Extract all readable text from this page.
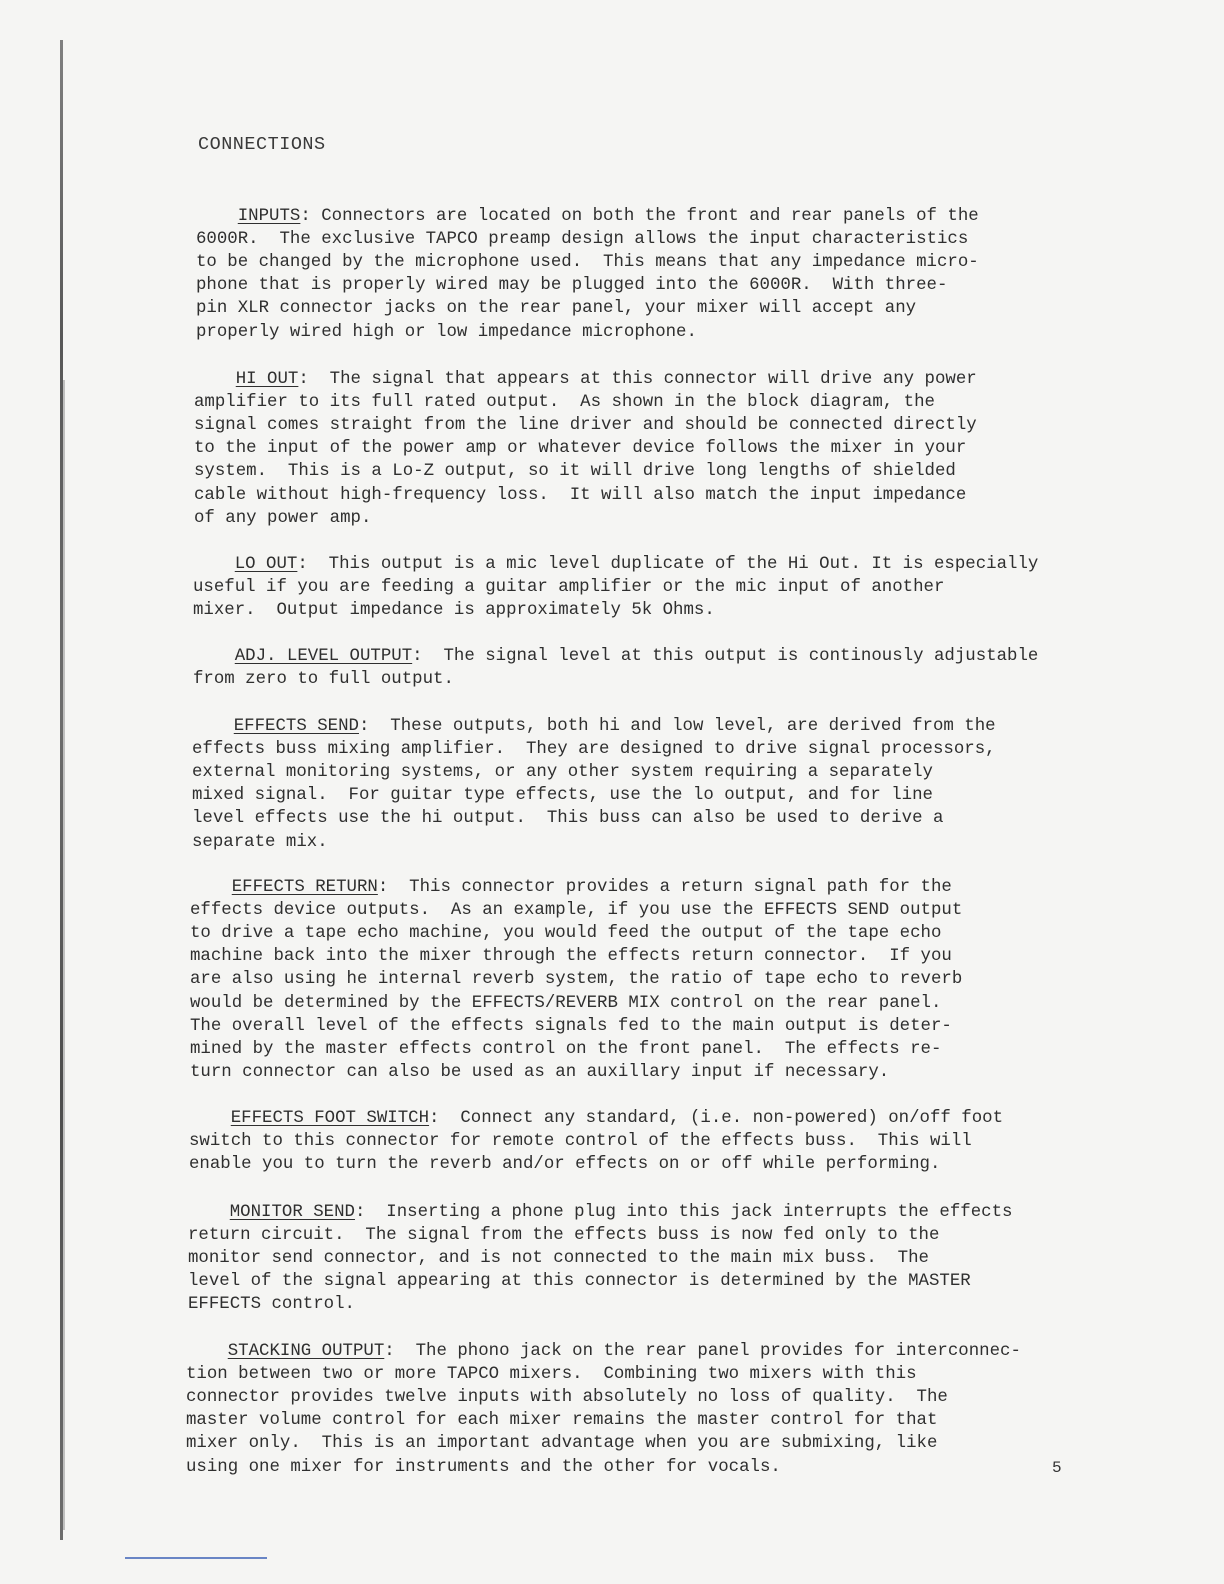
CONNECTIONS

INPUTS: Connectors are located on both the front and rear panels of the
6000R.  The exclusive TAPCO preamp design allows the input characteristics
to be changed by the microphone used.  This means that any impedance micro-
phone that is properly wired may be plugged into the 6000R.  With three-
pin XLR connector jacks on the rear panel, your mixer will accept any
properly wired high or low impedance microphone.

HI OUT:  The signal that appears at this connector will drive any power
amplifier to its full rated output.  As shown in the block diagram, the
signal comes straight from the line driver and should be connected directly
to the input of the power amp or whatever device follows the mixer in your
system.  This is a Lo-Z output, so it will drive long lengths of shielded
cable without high-frequency loss.  It will also match the input impedance
of any power amp.

LO OUT:  This output is a mic level duplicate of the Hi Out. It is especially
useful if you are feeding a guitar amplifier or the mic input of another
mixer.  Output impedance is approximately 5k Ohms.

ADJ. LEVEL OUTPUT:  The signal level at this output is continously adjustable
from zero to full output.

EFFECTS SEND:  These outputs, both hi and low level, are derived from the
effects buss mixing amplifier.  They are designed to drive signal processors,
external monitoring systems, or any other system requiring a separately
mixed signal.  For guitar type effects, use the lo output, and for line
level effects use the hi output.  This buss can also be used to derive a
separate mix.

EFFECTS RETURN:  This connector provides a return signal path for the
effects device outputs.  As an example, if you use the EFFECTS SEND output
to drive a tape echo machine, you would feed the output of the tape echo
machine back into the mixer through the effects return connector.  If you
are also using he internal reverb system, the ratio of tape echo to reverb
would be determined by the EFFECTS/REVERB MIX control on the rear panel.
The overall level of the effects signals fed to the main output is deter-
mined by the master effects control on the front panel.  The effects re-
turn connector can also be used as an auxillary input if necessary.

EFFECTS FOOT SWITCH:  Connect any standard, (i.e. non-powered) on/off foot
switch to this connector for remote control of the effects buss.  This will
enable you to turn the reverb and/or effects on or off while performing.

MONITOR SEND:  Inserting a phone plug into this jack interrupts the effects
return circuit.  The signal from the effects buss is now fed only to the
monitor send connector, and is not connected to the main mix buss.  The
level of the signal appearing at this connector is determined by the MASTER
EFFECTS control.

STACKING OUTPUT:  The phono jack on the rear panel provides for interconnec-
tion between two or more TAPCO mixers.  Combining two mixers with this
connector provides twelve inputs with absolutely no loss of quality.  The
master volume control for each mixer remains the master control for that
mixer only.  This is an important advantage when you are submixing, like
using one mixer for instruments and the other for vocals.
	5
